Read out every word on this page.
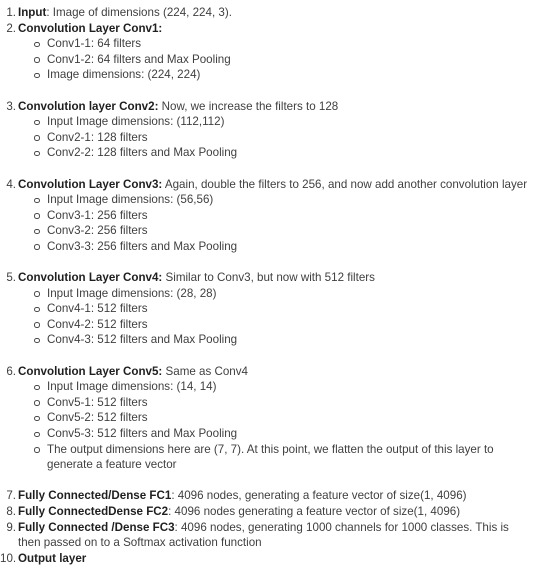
1. Input: Image of dimensions (224, 224, 3).
2. Convolution Layer Conv1:
Conv1-1: 64 filters
Conv1-2: 64 filters and Max Pooling
Image dimensions: (224, 224)
3. Convolution layer Conv2: Now, we increase the filters to 128
Input Image dimensions: (112,112)
Conv2-1: 128 filters
Conv2-2: 128 filters and Max Pooling
4. Convolution Layer Conv3: Again, double the filters to 256, and now add another convolution layer
Input Image dimensions: (56,56)
Conv3-1: 256 filters
Conv3-2: 256 filters
Conv3-3: 256 filters and Max Pooling
5. Convolution Layer Conv4: Similar to Conv3, but now with 512 filters
Input Image dimensions: (28, 28)
Conv4-1: 512 filters
Conv4-2: 512 filters
Conv4-3: 512 filters and Max Pooling
6. Convolution Layer Conv5: Same as Conv4
Input Image dimensions: (14, 14)
Conv5-1: 512 filters
Conv5-2: 512 filters
Conv5-3: 512 filters and Max Pooling
The output dimensions here are (7, 7). At this point, we flatten the output of this layer to generate a feature vector
7. Fully Connected/Dense FC1: 4096 nodes, generating a feature vector of size(1, 4096)
8. Fully ConnectedDense FC2: 4096 nodes generating a feature vector of size(1, 4096)
9. Fully Connected /Dense FC3: 4096 nodes, generating 1000 channels for 1000 classes. This is then passed on to a Softmax activation function
10. Output layer
